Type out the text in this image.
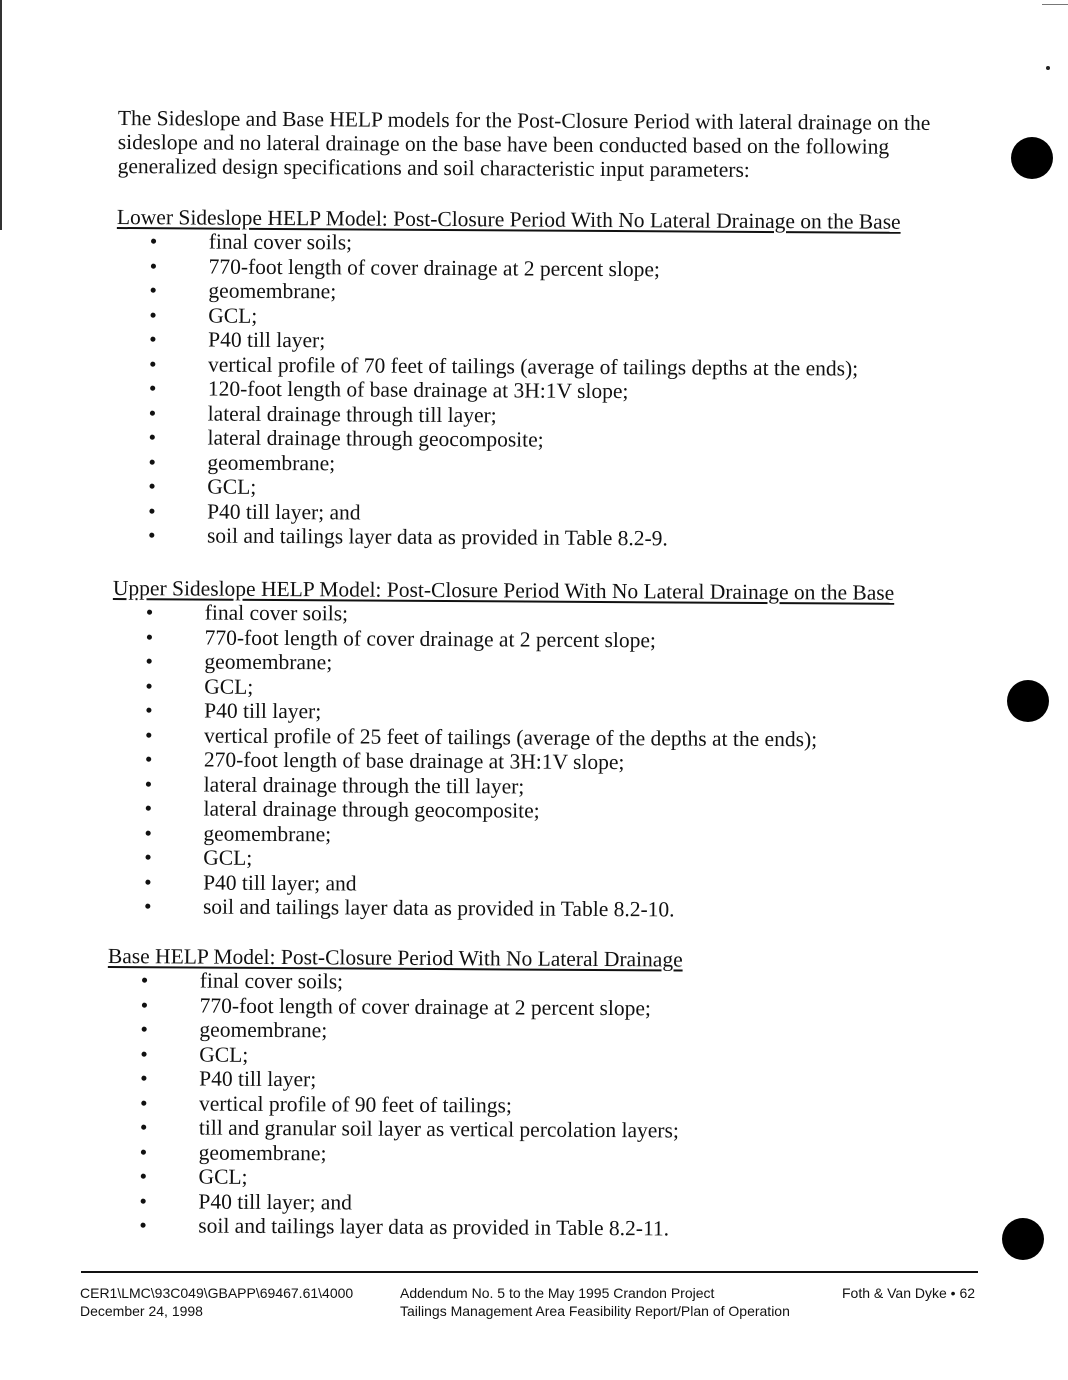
The Sideslope and Base HELP models for the Post-Closure Period with lateral drainage on the
sideslope and no lateral drainage on the base have been conducted based on the following
generalized design specifications and soil characteristic input parameters:
Lower Sideslope HELP Model: Post-Closure Period With No Lateral Drainage on the Base
• final cover soils;
• 770-foot length of cover drainage at 2 percent slope;
• geomembrane;
• GCL;
• P40 till layer;
• vertical profile of 70 feet of tailings (average of tailings depths at the ends);
• 120-foot length of base drainage at 3H:1V slope;
• lateral drainage through till layer;
• lateral drainage through geocomposite;
• geomembrane;
• GCL;
• P40 till layer; and
• soil and tailings layer data as provided in Table 8.2-9.
Upper Sideslope HELP Model: Post-Closure Period With No Lateral Drainage on the Base
• final cover soils;
• 770-foot length of cover drainage at 2 percent slope;
• geomembrane;
• GCL;
• P40 till layer;
• vertical profile of 25 feet of tailings (average of the depths at the ends);
• 270-foot length of base drainage at 3H:1V slope;
• lateral drainage through the till layer;
• lateral drainage through geocomposite;
• geomembrane;
• GCL;
• P40 till layer; and
• soil and tailings layer data as provided in Table 8.2-10.
Base HELP Model: Post-Closure Period With No Lateral Drainage
• final cover soils;
• 770-foot length of cover drainage at 2 percent slope;
• geomembrane;
• GCL;
• P40 till layer;
• vertical profile of 90 feet of tailings;
• till and granular soil layer as vertical percolation layers;
• geomembrane;
• GCL;
• P40 till layer; and
• soil and tailings layer data as provided in Table 8.2-11.
CER1\LMC\93C049\GBAPP\69467.61\4000
December 24, 1998
Addendum No. 5 to the May 1995 Crandon Project
Tailings Management Area Feasibility Report/Plan of Operation
Foth & Van Dyke • 62
